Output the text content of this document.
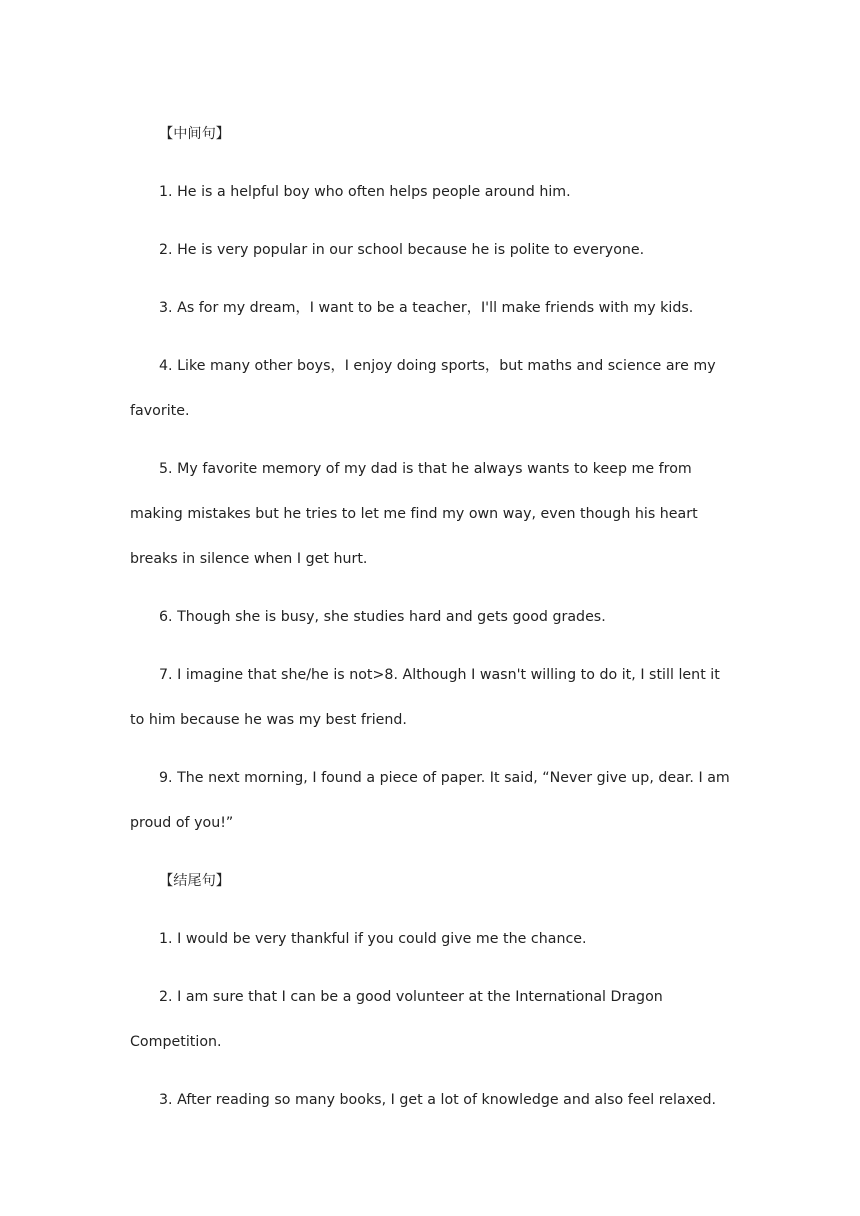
【中间句】

1. He is a helpful boy who often helps people around him.

2. He is very popular in our school because he is polite to everyone.

3. As for my dream，I want to be a teacher，I'll make friends with my kids.

4. Like many other boys，I enjoy doing sports，but maths and science are my favorite.

5. My favorite memory of my dad is that he always wants to keep me from making mistakes but he tries to let me find my own way, even though his heart breaks in silence when I get hurt.

6. Though she is busy, she studies hard and gets good grades.

7. I imagine that she/he is not>8. Although I wasn't willing to do it, I still lent it to him because he was my best friend.

9. The next morning, I found a piece of paper. It said, “Never give up, dear. I am proud of you!”

【结尾句】

1. I would be very thankful if you could give me the chance.

2. I am sure that I can be a good volunteer at the International Dragon Competition.

3. After reading so many books, I get a lot of knowledge and also feel relaxed.
